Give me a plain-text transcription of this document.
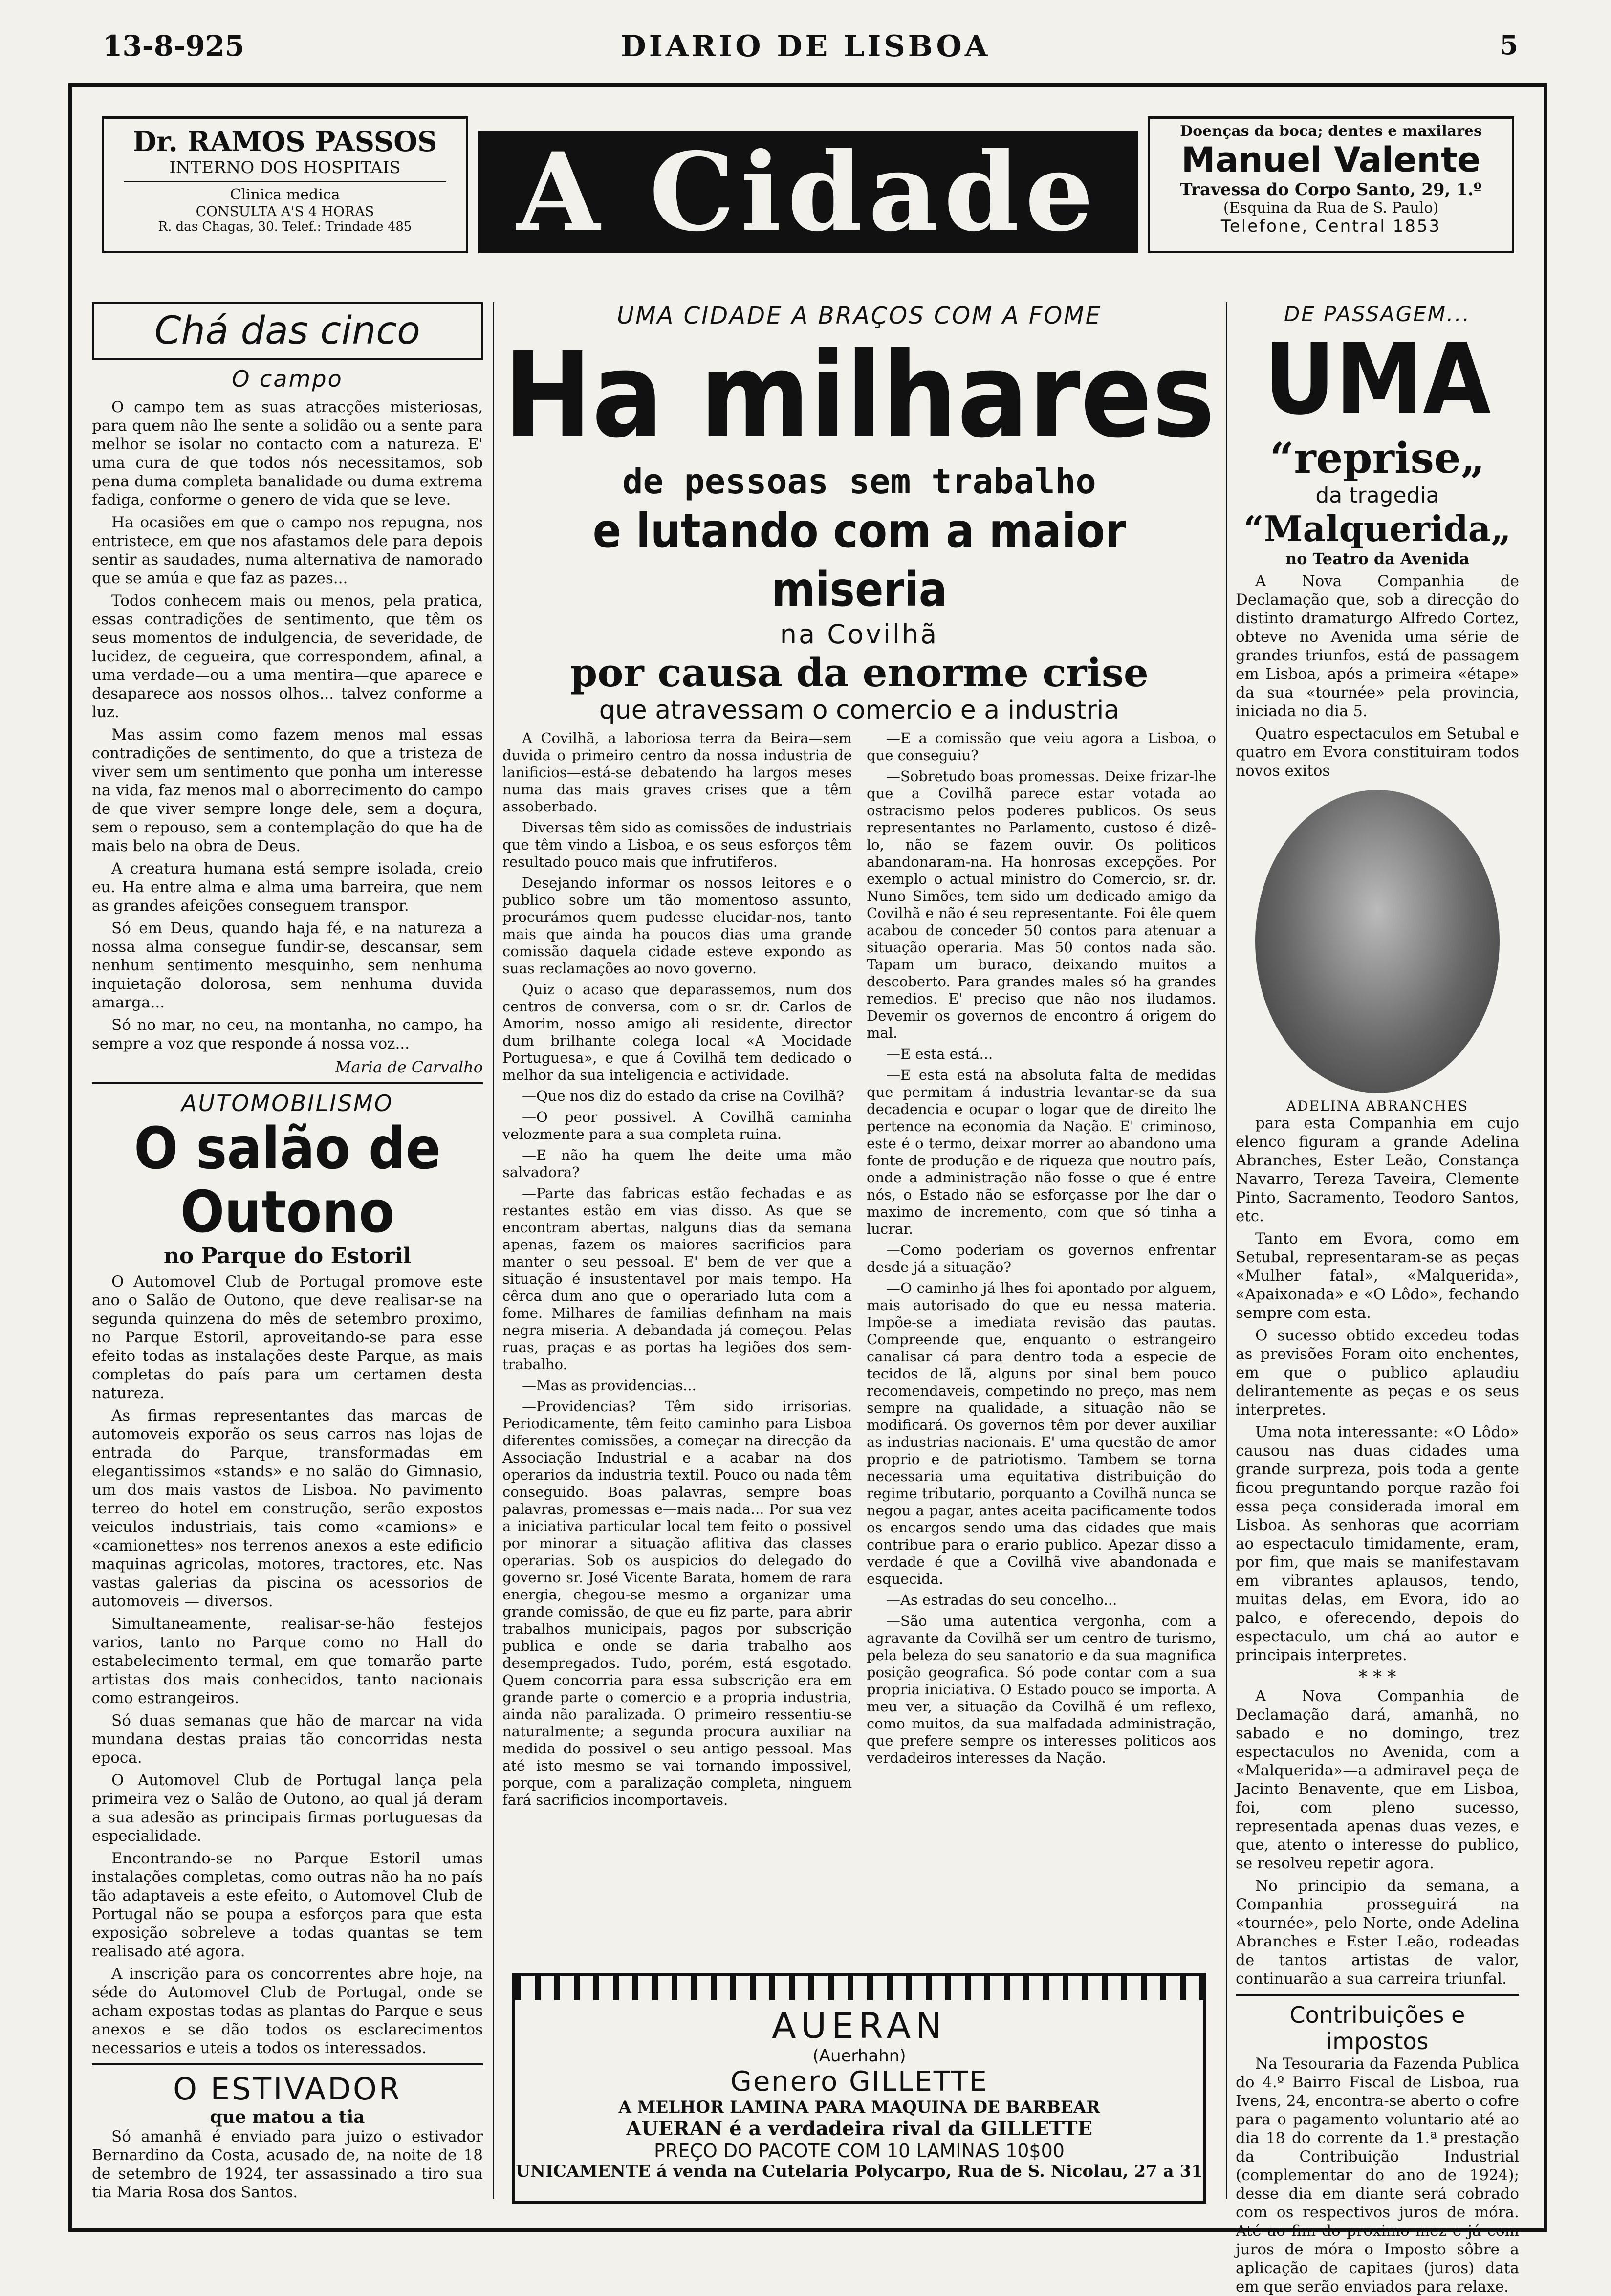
13-8-925	DIARIO DE LISBOA	5
Dr. RAMOS PASSOS
INTERNO DOS HOSPITAIS
Clinica medica
CONSULTA A'S 4 HORAS
R. das Chagas, 30. Telef.: Trindade 485 A Cidade	Doenças da boca; dentes e maxilares
Manuel Valente
Travessa do Corpo Santo, 29, 1.º
(Esquina da Rua de S. Paulo)
Telefone, Central 1853
Chá das cinco
O campo

O campo tem as suas atracções misteriosas, para quem não lhe sente a solidão ou a sente para melhor se isolar no contacto com a natureza. E' uma cura de que todos nós necessitamos, sob pena duma completa banalidade ou duma extrema fadiga, conforme o genero de vida que se leve.

Ha ocasiões em que o campo nos repugna, nos entristece, em que nos afastamos dele para depois sentir as saudades, numa alternativa de namorado que se amúa e que faz as pazes...

Todos conhecem mais ou menos, pela pratica, essas contradições de sentimento, que têm os seus momentos de indulgencia, de severidade, de lucidez, de cegueira, que correspondem, afinal, a uma verdade—ou a uma mentira—que aparece e desaparece aos nossos olhos... talvez conforme a luz.

Mas assim como fazem menos mal essas contradições de sentimento, do que a tristeza de viver sem um sentimento que ponha um interesse na vida, faz menos mal o aborrecimento do campo de que viver sempre longe dele, sem a doçura, sem o repouso, sem a contemplação do que ha de mais belo na obra de Deus.

A creatura humana está sempre isolada, creio eu. Ha entre alma e alma uma barreira, que nem as grandes afeições conseguem transpor.

Só em Deus, quando haja fé, e na natureza a nossa alma consegue fundir-se, descansar, sem nenhum sentimento mesquinho, sem nenhuma inquietação dolorosa, sem nenhuma duvida amarga...

Só no mar, no ceu, na montanha, no campo, ha sempre a voz que responde á nossa voz...

Maria de Carvalho
AUTOMOBILISMO
O salão de Outono
no Parque do Estoril

O Automovel Club de Portugal promove este ano o Salão de Outono, que deve realisar-se na segunda quinzena do mês de setembro proximo, no Parque Estoril, aproveitando-se para esse efeito todas as instalações deste Parque, as mais completas do país para um certamen desta natureza.

As firmas representantes das marcas de automoveis exporão os seus carros nas lojas de entrada do Parque, transformadas em elegantissimos «stands» e no salão do Gimnasio, um dos mais vastos de Lisboa. No pavimento terreo do hotel em construção, serão expostos veiculos industriais, tais como «camions» e «camionettes» nos terrenos anexos a este edificio maquinas agricolas, motores, tractores, etc. Nas vastas galerias da piscina os acessorios de automoveis — diversos.

Simultaneamente, realisar-se-hão festejos varios, tanto no Parque como no Hall do estabelecimento termal, em que tomarão parte artistas dos mais conhecidos, tanto nacionais como estrangeiros.

Só duas semanas que hão de marcar na vida mundana destas praias tão concorridas nesta epoca.

O Automovel Club de Portugal lança pela primeira vez o Salão de Outono, ao qual já deram a sua adesão as principais firmas portuguesas da especialidade.

Encontrando-se no Parque Estoril umas instalações completas, como outras não ha no país tão adaptaveis a este efeito, o Automovel Club de Portugal não se poupa a esforços para que esta exposição sobreleve a todas quantas se tem realisado até agora.

A inscrição para os concorrentes abre hoje, na séde do Automovel Club de Portugal, onde se acham expostas todas as plantas do Parque e seus anexos e se dão todos os esclarecimentos necessarios e uteis a todos os interessados.

O ESTIVADOR
que matou a tia

Só amanhã é enviado para juizo o estivador Bernardino da Costa, acusado de, na noite de 18 de setembro de 1924, ter assassinado a tiro sua tia Maria Rosa dos Santos.

UMA CIDADE A BRAÇOS COM A FOME
Ha milhares
de pessoas sem trabalho
e lutando com a maior miseria
na Covilhã
por causa da enorme crise
que atravessam o comercio e a industria

A Covilhã, a laboriosa terra da Beira—sem duvida o primeiro centro da nossa industria de lanificios—está-se debatendo ha largos meses numa das mais graves crises que a têm assoberbado.

Diversas têm sido as comissões de industriais que têm vindo a Lisboa, e os seus esforços têm resultado pouco mais que infrutiferos.

Desejando informar os nossos leitores e o publico sobre um tão momentoso assunto, procurámos quem pudesse elucidar-nos, tanto mais que ainda ha poucos dias uma grande comissão daquela cidade esteve expondo as suas reclamações ao novo governo.

Quiz o acaso que deparassemos, num dos centros de conversa, com o sr. dr. Carlos de Amorim, nosso amigo ali residente, director dum brilhante colega local «A Mocidade Portuguesa», e que á Covilhã tem dedicado o melhor da sua inteligencia e actividade.

—Que nos diz do estado da crise na Covilhã?

—O peor possivel. A Covilhã caminha velozmente para a sua completa ruina.

—E não ha quem lhe deite uma mão salvadora?

—Parte das fabricas estão fechadas e as restantes estão em vias disso. As que se encontram abertas, nalguns dias da semana apenas, fazem os maiores sacrificios para manter o seu pessoal. E' bem de ver que a situação é insustentavel por mais tempo. Ha cêrca dum ano que o operariado luta com a fome. Milhares de familias definham na mais negra miseria. A debandada já começou. Pelas ruas, praças e as portas ha legiões dos sem-trabalho.

—Mas as providencias...

—Providencias? Têm sido irrisorias. Periodicamente, têm feito caminho para Lisboa diferentes comissões, a começar na direcção da Associação Industrial e a acabar na dos operarios da industria textil. Pouco ou nada têm conseguido. Boas palavras, sempre boas palavras, promessas e—mais nada... Por sua vez a iniciativa particular local tem feito o possivel por minorar a situação aflitiva das classes operarias. Sob os auspicios do delegado do governo sr. José Vicente Barata, homem de rara energia, chegou-se mesmo a organizar uma grande comissão, de que eu fiz parte, para abrir trabalhos municipais, pagos por subscrição publica e onde se daria trabalho aos desempregados. Tudo, porém, está esgotado. Quem concorria para essa subscrição era em grande parte o comercio e a propria industria, ainda não paralizada. O primeiro ressentiu-se naturalmente; a segunda procura auxiliar na medida do possivel o seu antigo pessoal. Mas até isto mesmo se vai tornando impossivel, porque, com a paralização completa, ninguem fará sacrificios incomportaveis.

—E a comissão que veiu agora a Lisboa, o que conseguiu?

—Sobretudo boas promessas. Deixe frizar-lhe que a Covilhã parece estar votada ao ostracismo pelos poderes publicos. Os seus representantes no Parlamento, custoso é dizê-lo, não se fazem ouvir. Os politicos abandonaram-na. Ha honrosas excepções. Por exemplo o actual ministro do Comercio, sr. dr. Nuno Simões, tem sido um dedicado amigo da Covilhã e não é seu representante. Foi êle quem acabou de conceder 50 contos para atenuar a situação operaria. Mas 50 contos nada são. Tapam um buraco, deixando muitos a descoberto. Para grandes males só ha grandes remedios. E' preciso que não nos iludamos. Devemir os governos de encontro á origem do mal.

—E esta está...

—E esta está na absoluta falta de medidas que permitam á industria levantar-se da sua decadencia e ocupar o logar que de direito lhe pertence na economia da Nação. E' criminoso, este é o termo, deixar morrer ao abandono uma fonte de produção e de riqueza que noutro país, onde a administração não fosse o que é entre nós, o Estado não se esforçasse por lhe dar o maximo de incremento, com que só tinha a lucrar.

—Como poderiam os governos enfrentar desde já a situação?

—O caminho já lhes foi apontado por alguem, mais autorisado do que eu nessa materia. Impõe-se a imediata revisão das pautas. Compreende que, enquanto o estrangeiro canalisar cá para dentro toda a especie de tecidos de lã, alguns por sinal bem pouco recomendaveis, competindo no preço, mas nem sempre na qualidade, a situação não se modificará. Os governos têm por dever auxiliar as industrias nacionais. E' uma questão de amor proprio e de patriotismo. Tambem se torna necessaria uma equitativa distribuição do regime tributario, porquanto a Covilhã nunca se negou a pagar, antes aceita pacificamente todos os encargos sendo uma das cidades que mais contribue para o erario publico. Apezar disso a verdade é que a Covilhã vive abandonada e esquecida.

—As estradas do seu concelho...

—São uma autentica vergonha, com a agravante da Covilhã ser um centro de turismo, pela beleza do seu sanatorio e da sua magnifica posição geografica. Só pode contar com a sua propria iniciativa. O Estado pouco se importa. A meu ver, a situação da Covilhã é um reflexo, como muitos, da sua malfadada administração, que prefere sempre os interesses politicos aos verdadeiros interesses da Nação.

AUERAN
(Auerhahn)
Genero GILLETTE
A MELHOR LAMINA PARA MAQUINA DE BARBEAR
AUERAN é a verdadeira rival da GILLETTE
PREÇO DO PACOTE COM 10 LAMINAS 10$00
UNICAMENTE á venda na Cutelaria Polycarpo, Rua de S. Nicolau, 27 a 31
DE PASSAGEM...
UMA
“reprise„
da tragedia
“Malquerida„
no Teatro da Avenida

A Nova Companhia de Declamação que, sob a direcção do distinto dramaturgo Alfredo Cortez, obteve no Avenida uma série de grandes triunfos, está de passagem em Lisboa, após a primeira «étape» da sua «tournée» pela provincia, iniciada no dia 5.

Quatro espectaculos em Setubal e quatro em Evora constituiram todos novos exitos

ADELINA ABRANCHES

para esta Companhia em cujo elenco figuram a grande Adelina Abranches, Ester Leão, Constança Navarro, Tereza Taveira, Clemente Pinto, Sacramento, Teodoro Santos, etc.

Tanto em Evora, como em Setubal, representaram-se as peças «Mulher fatal», «Malquerida», «Apaixonada» e «O Lôdo», fechando sempre com esta.

O sucesso obtido excedeu todas as previsões Foram oito enchentes, em que o publico aplaudiu delirantemente as peças e os seus interpretes.

Uma nota interessante: «O Lôdo» causou nas duas cidades uma grande surpreza, pois toda a gente ficou preguntando porque razão foi essa peça considerada imoral em Lisboa. As senhoras que acorriam ao espectaculo timidamente, eram, por fim, que mais se manifestavam em vibrantes aplausos, tendo, muitas delas, em Evora, ido ao palco, e oferecendo, depois do espectaculo, um chá ao autor e principais interpretes.

* * *

A Nova Companhia de Declamação dará, amanhã, no sabado e no domingo, trez espectaculos no Avenida, com a «Malquerida»—a admiravel peça de Jacinto Benavente, que em Lisboa, foi, com pleno sucesso, representada apenas duas vezes, e que, atento o interesse do publico, se resolveu repetir agora.

No principio da semana, a Companhia prosseguirá na «tournée», pelo Norte, onde Adelina Abranches e Ester Leão, rodeadas de tantos artistas de valor, continuarão a sua carreira triunfal.

Contribuições e impostos

Na Tesouraria da Fazenda Publica do 4.º Bairro Fiscal de Lisboa, rua Ivens, 24, encontra-se aberto o cofre para o pagamento voluntario até ao dia 18 do corrente da 1.ª prestação da Contribuição Industrial (complementar do ano de 1924); desse dia em diante será cobrado com os respectivos juros de móra. Até ao fim do proximo mez e já com juros de móra o Imposto sôbre a aplicação de capitaes (juros) data em que serão enviados para relaxe.
